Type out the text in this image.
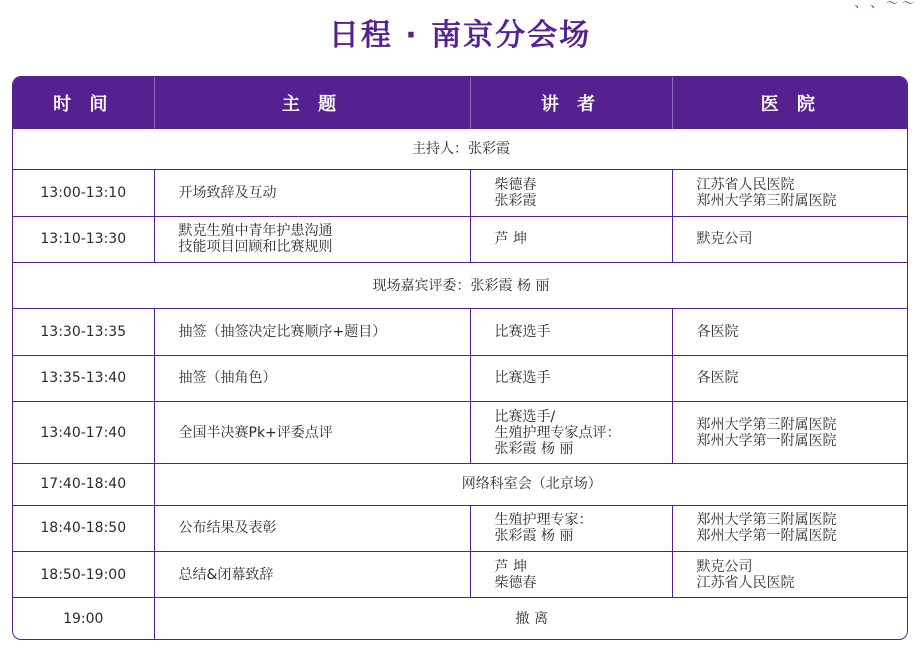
日程 · 南京分会场
、 、 ～ ～
时 间	主 题	讲 者	医 院
主持人：张彩霞			
13:00-13:10	开场致辞及互动	柴德春
张彩霞	江苏省人民医院
郑州大学第三附属医院

13:10-13:30	默克生殖中青年护患沟通
技能项目回顾和比赛规则	芦 坤	默克公司

现场嘉宾评委：张彩霞 杨 丽			
13:30-13:35	抽签（抽签决定比赛顺序+题目）	比赛选手	各医院

13:35-13:40	抽签（抽角色）	比赛选手	各医院

13:40-17:40	全国半决赛Pk+评委点评	比赛选手/
生殖护理专家点评：
张彩霞 杨 丽	郑州大学第三附属医院
郑州大学第一附属医院

17:40-18:40	网络科室会（北京场）		
18:40-18:50	公布结果及表彰	生殖护理专家：
张彩霞 杨 丽	郑州大学第三附属医院
郑州大学第一附属医院

18:50-19:00	总结&闭幕致辞	芦 坤
柴德春	默克公司
江苏省人民医院

19:00	撤 离		
